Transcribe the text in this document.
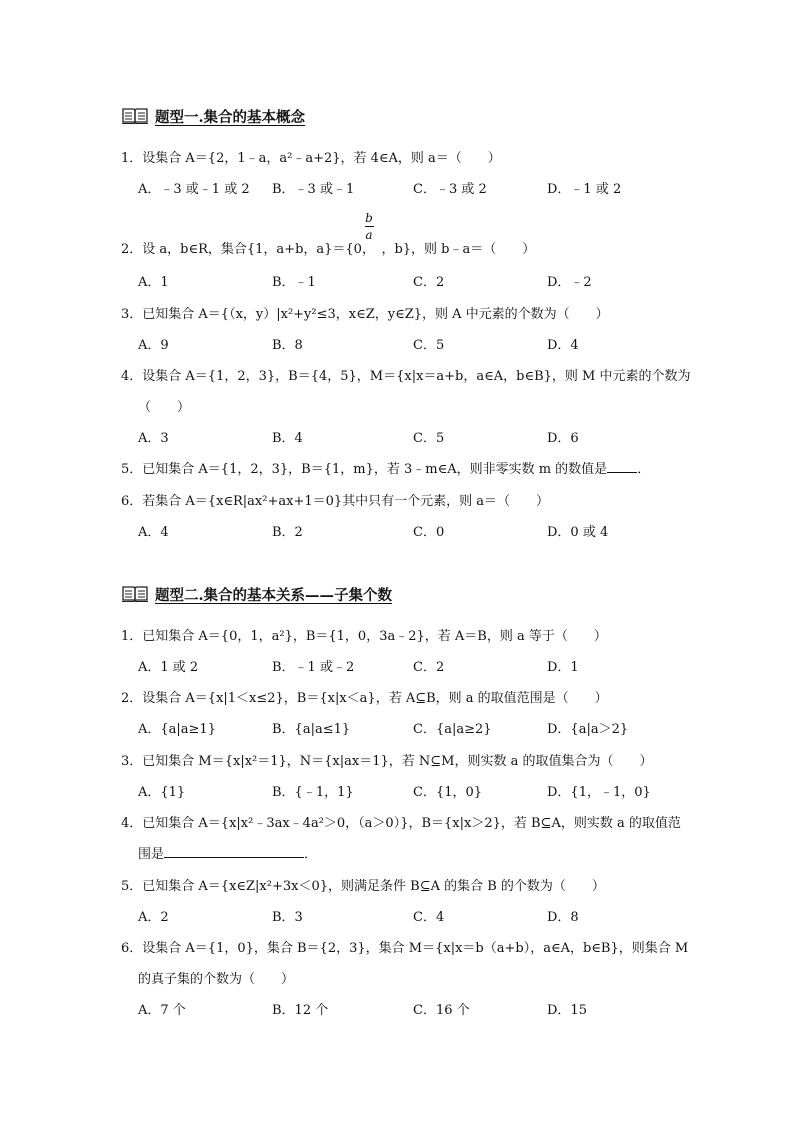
题型一.集合的基本概念
1．设集合 A＝{2，1﹣a，a²﹣a+2}，若 4∈A，则 a＝（　　）
A．﹣3 或﹣1 或 2 B．﹣3 或﹣1	C．﹣3 或 2	D．﹣1 或 2
b
a
2．设 a，b∈R，集合{1，a+b，a}＝{0，　，b}，则 b﹣a＝（　　）
A．1	B．﹣1	C．2	D．﹣2
3．已知集合 A＝{（x，y）|x²+y²≤3，x∈Z，y∈Z}，则 A 中元素的个数为（　　）
A．9	B．8	C．5	D．4
4．设集合 A＝{1，2，3}，B＝{4，5}，M＝{x|x＝a+b，a∈A，b∈B}，则 M 中元素的个数为
（　　）
A．3	B．4	C．5	D．6
5．已知集合 A＝{1，2，3}，B＝{1，m}，若 3﹣m∈A，则非零实数 m 的数值是 ．
6．若集合 A＝{x∈R|ax²+ax+1＝0}其中只有一个元素，则 a＝（　　）
A．4	B．2	C．0	D．0 或 4
题型二.集合的基本关系——子集个数
1．已知集合 A＝{0，1，a²}，B＝{1，0，3a﹣2}，若 A＝B，则 a 等于（　　）
A．1 或 2	B．﹣1 或﹣2	C．2	D．1
2．设集合 A＝{x|1＜x≤2}，B＝{x|x＜a}，若 A⊆B，则 a 的取值范围是（　　）
A．{a|a≥1}	B．{a|a≤1}	C．{a|a≥2}	D．{a|a＞2}
3．已知集合 M＝{x|x²＝1}，N＝{x|ax＝1}，若 N⊆M，则实数 a 的取值集合为（　　）
A．{1}	B．{﹣1，1}	C．{1，0}	D．{1，﹣1，0}
4．已知集合 A＝{x|x²﹣3ax﹣4a²＞0，（a＞0）}，B＝{x|x＞2}，若 B⊆A，则实数 a 的取值范
围是	．
5．已知集合 A＝{x∈Z|x²+3x＜0}，则满足条件 B⊆A 的集合 B 的个数为（　　）
A．2	B．3	C．4	D．8
6．设集合 A＝{1，0}，集合 B＝{2，3}，集合 M＝{x|x＝b（a+b），a∈A，b∈B}，则集合 M
的真子集的个数为（　　）
A．7 个	B．12 个	C．16 个	D．15
